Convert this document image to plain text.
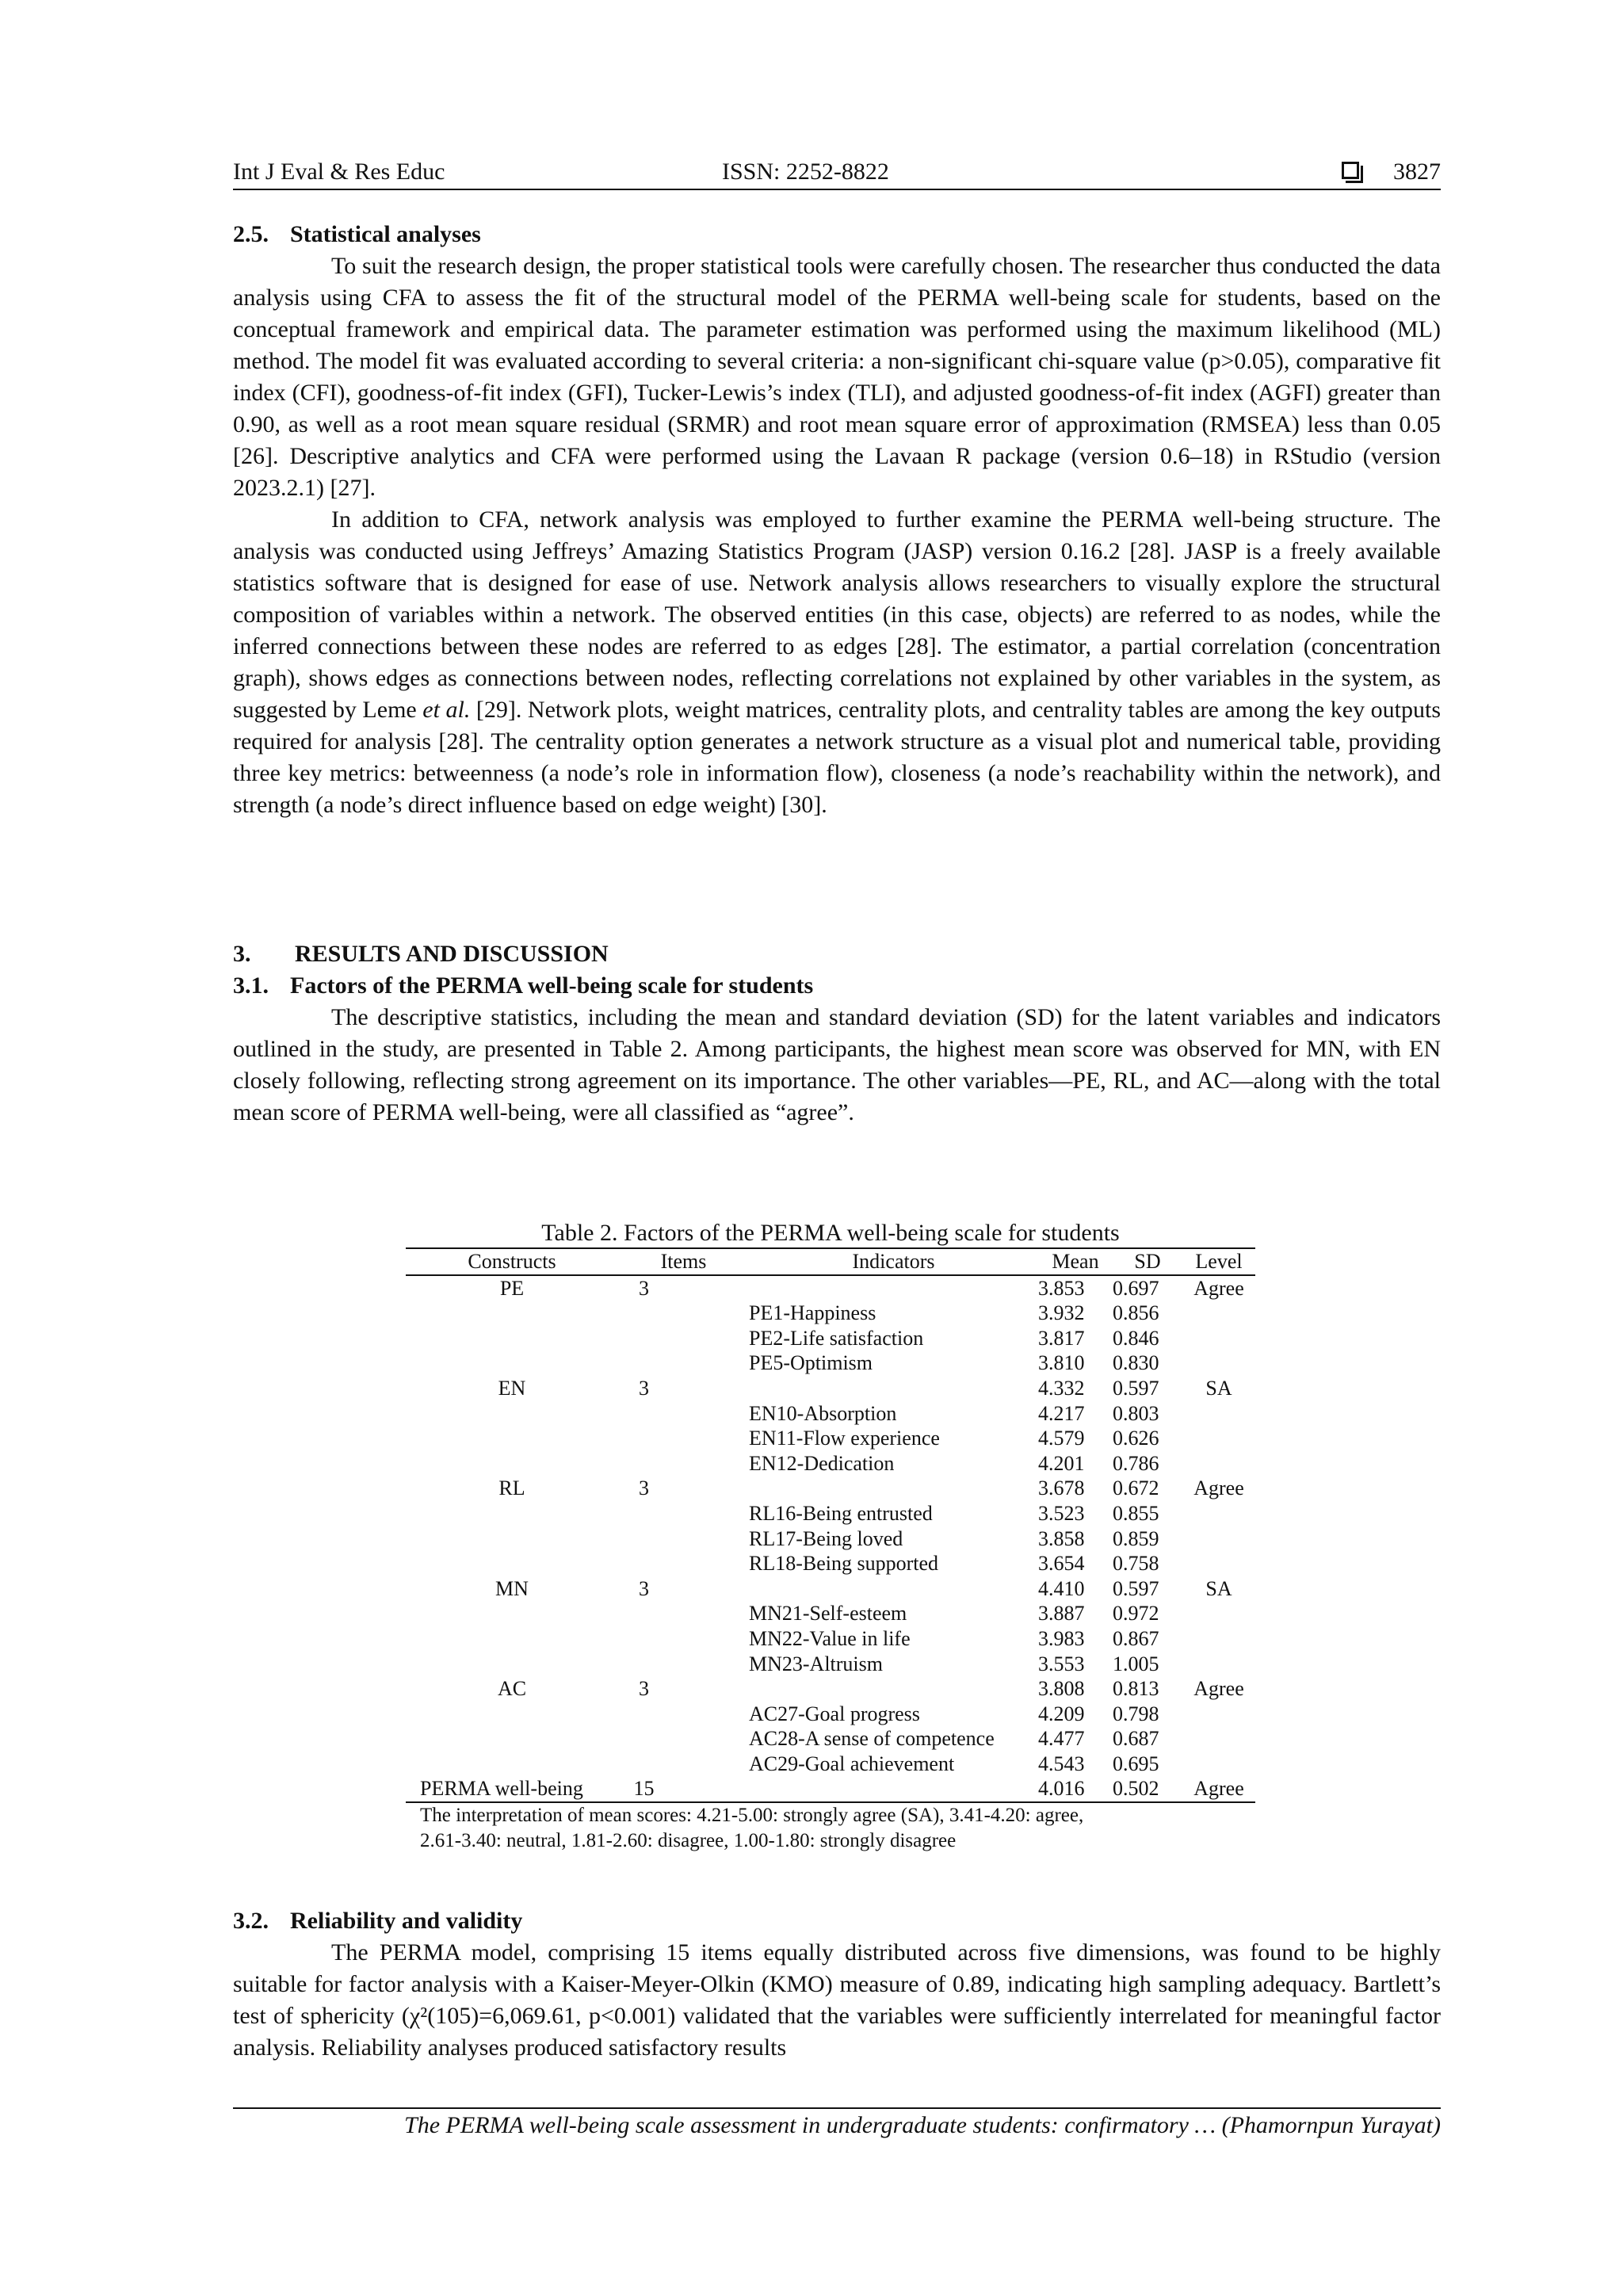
Int J Eval & Res Educ	ISSN: 2252-8822	3827
2.5. Statistical analyses

To suit the research design, the proper statistical tools were carefully chosen. The researcher thus conducted the data analysis using CFA to assess the fit of the structural model of the PERMA well-being scale for students, based on the conceptual framework and empirical data. The parameter estimation was performed using the maximum likelihood (ML) method. The model fit was evaluated according to several criteria: a non-significant chi-square value (p>0.05), comparative fit index (CFI), goodness-of-fit index (GFI), Tucker-Lewis’s index (TLI), and adjusted goodness-of-fit index (AGFI) greater than 0.90, as well as a root mean square residual (SRMR) and root mean square error of approximation (RMSEA) less than 0.05 [26]. Descriptive analytics and CFA were performed using the Lavaan R package (version 0.6–18) in RStudio (version 2023.2.1) [27].

In addition to CFA, network analysis was employed to further examine the PERMA well-being structure. The analysis was conducted using Jeffreys’ Amazing Statistics Program (JASP) version 0.16.2 [28]. JASP is a freely available statistics software that is designed for ease of use. Network analysis allows researchers to visually explore the structural composition of variables within a network. The observed entities (in this case, objects) are referred to as nodes, while the inferred connections between these nodes are referred to as edges [28]. The estimator, a partial correlation (concentration graph), shows edges as connections between nodes, reflecting correlations not explained by other variables in the system, as suggested by Leme et al. [29]. Network plots, weight matrices, centrality plots, and centrality tables are among the key outputs required for analysis [28]. The centrality option generates a network structure as a visual plot and numerical table, providing three key metrics: betweenness (a node’s role in information flow), closeness (a node’s reachability within the network), and strength (a node’s direct influence based on edge weight) [30].

3. RESULTS AND DISCUSSION
3.1. Factors of the PERMA well-being scale for students

The descriptive statistics, including the mean and standard deviation (SD) for the latent variables and indicators outlined in the study, are presented in Table 2. Among participants, the highest mean score was observed for MN, with EN closely following, reflecting strong agreement on its importance. The other variables—PE, RL, and AC—along with the total mean score of PERMA well-being, were all classified as “agree”.

Table 2. Factors of the PERMA well-being scale for students
Constructs	Items	Indicators	Mean	SD	Level
PE	3		3.853	0.697	Agree
		PE1-Happiness	3.932	0.856	
		PE2-Life satisfaction	3.817	0.846	
		PE5-Optimism	3.810	0.830	
EN	3		4.332	0.597	SA
		EN10-Absorption	4.217	0.803	
		EN11-Flow experience	4.579	0.626	
		EN12-Dedication	4.201	0.786	
RL	3		3.678	0.672	Agree
		RL16-Being entrusted	3.523	0.855	
		RL17-Being loved	3.858	0.859	
		RL18-Being supported	3.654	0.758	
MN	3		4.410	0.597	SA
		MN21-Self-esteem	3.887	0.972	
		MN22-Value in life	3.983	0.867	
		MN23-Altruism	3.553	1.005	
AC	3		3.808	0.813	Agree
		AC27-Goal progress	4.209	0.798	
		AC28-A sense of competence	4.477	0.687	
		AC29-Goal achievement	4.543	0.695	
PERMA well-being	15		4.016	0.502	Agree
The interpretation of mean scores: 4.21-5.00: strongly agree (SA), 3.41-4.20: agree,
2.61-3.40: neutral, 1.81-2.60: disagree, 1.00-1.80: strongly disagree
3.2. Reliability and validity

The PERMA model, comprising 15 items equally distributed across five dimensions, was found to be highly suitable for factor analysis with a Kaiser-Meyer-Olkin (KMO) measure of 0.89, indicating high sampling adequacy. Bartlett’s test of sphericity (χ²(105)=6,069.61, p<0.001) validated that the variables were sufficiently interrelated for meaningful factor analysis. Reliability analyses produced satisfactory results

The PERMA well-being scale assessment in undergraduate students: confirmatory … (Phamornpun Yurayat)
